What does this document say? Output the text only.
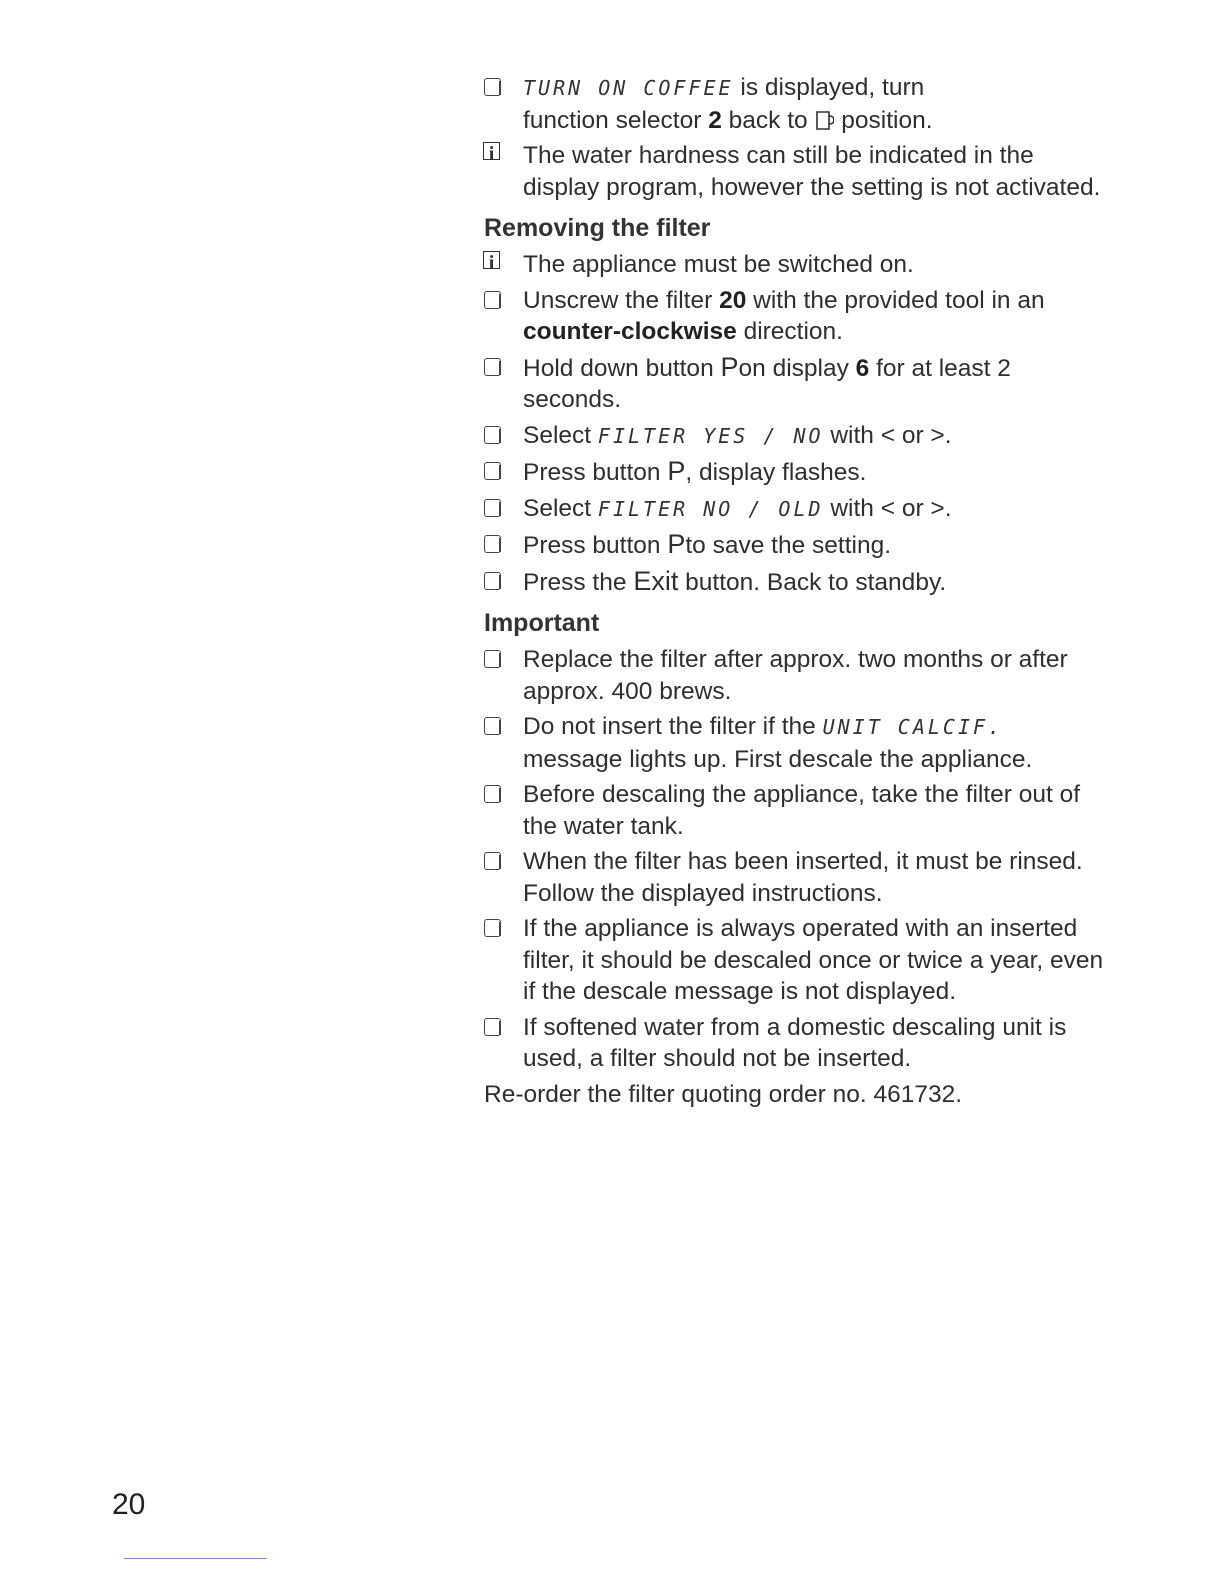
TURN ON COFFEE is displayed, turn
function selector 2 back to  position.
i The water hardness can still be indicated in the display program, however the setting is not activated.
Removing the filter
i The appliance must be switched on.
Unscrew the filter 20 with the provided tool in an counter-clockwise direction.
Hold down button Pon display 6 for at least 2 seconds.
Select FILTER YES / NO with < or >.
Press button P, display flashes.
Select FILTER NO / OLD with < or >.
Press button Pto save the setting.
Press the Exit button. Back to standby.
Important
Replace the filter after approx. two months or after approx. 400 brews.
Do not insert the filter if the UNIT CALCIF. message lights up. First descale the appliance.
Before descaling the appliance, take the filter out of the water tank.
When the filter has been inserted, it must be rinsed. Follow the displayed instructions.
If the appliance is always operated with an inserted filter, it should be descaled once or twice a year, even if the descale message is not displayed.
If softened water from a domestic descaling unit is used, a filter should not be inserted.
Re-order the filter quoting order no. 461732.
20
